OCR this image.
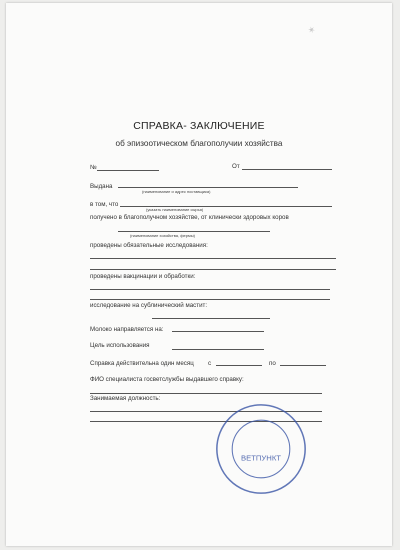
✶
СПРАВКА- ЗАКЛЮЧЕНИЕ
об эпизоотическом благополучии хозяйства
№	От
Выдана
(наименование и адрес поставщика)
в том, что
(указать наименование сырья)
получено в благополучном хозяйстве, от клинически здоровых коров
(наименование хозяйства, фермы)
проведены обязательные исследования:
проведены вакцинации и обработки:
исследование на сублинический мастит:
Молоко направляется на:
Цель использования
Справка действительна один месяц с	по
ФИО специалиста госветслужбы выдавшего справку:
Занимаемая должность:
ВЕТПУНКТ
